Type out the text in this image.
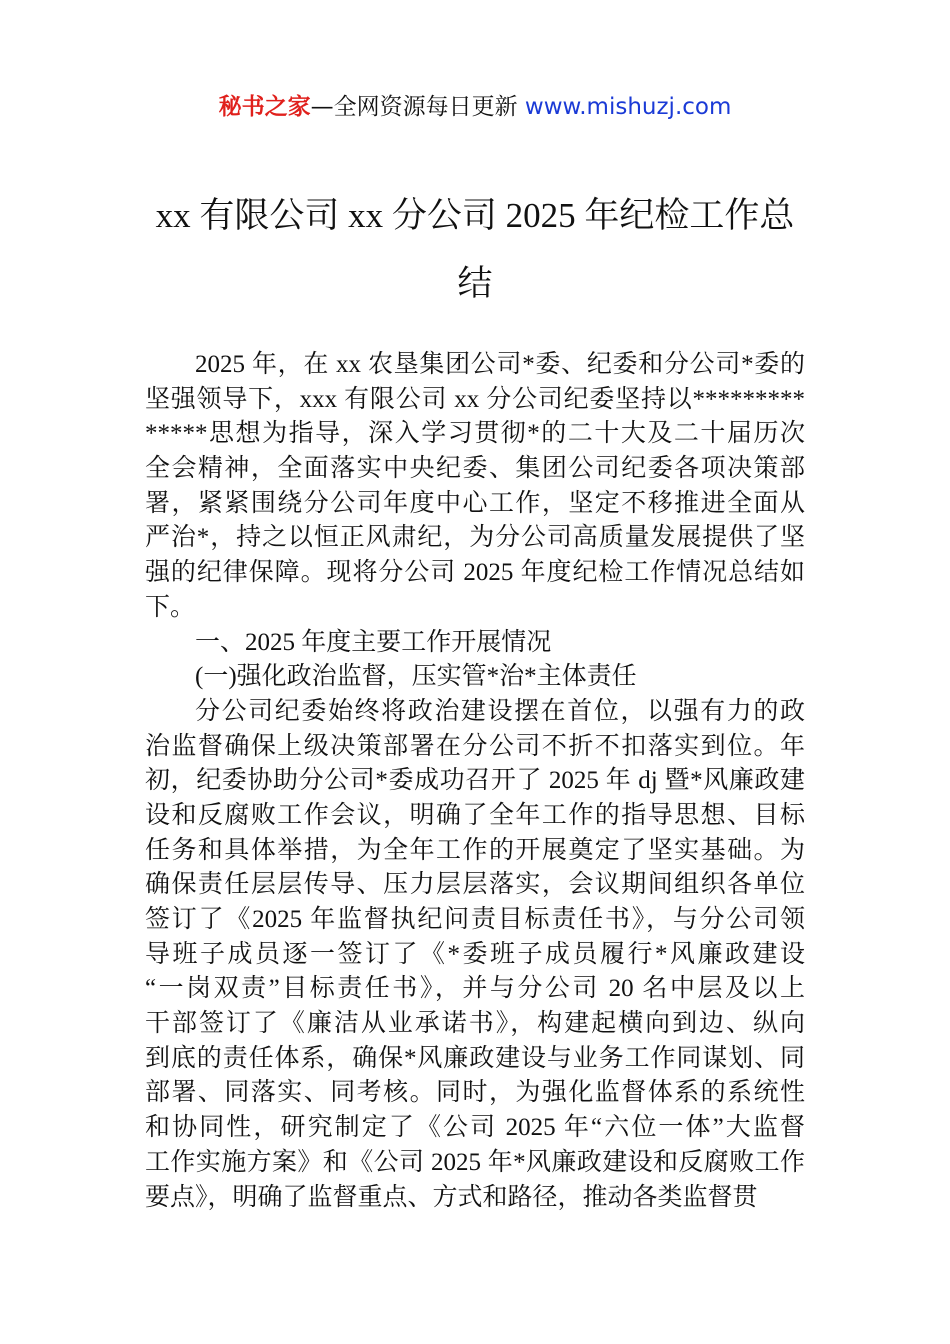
秘书之家—全网资源每日更新 www.mishuzj.com
xx 有限公司 xx 分公司 2025 年纪检工作总
结
2025 年，在 xx 农垦集团公司*委、纪委和分公司*委的
坚强领导下，xxx 有限公司 xx 分公司纪委坚持以*********
*****思想为指导，深入学习贯彻*的二十大及二十届历次
全会精神，全面落实中央纪委、集团公司纪委各项决策部
署，紧紧围绕分公司年度中心工作，坚定不移推进全面从
严治*，持之以恒正风肃纪，为分公司高质量发展提供了坚
强的纪律保障。现将分公司 2025 年度纪检工作情况总结如
下。
一、2025 年度主要工作开展情况
(一)强化政治监督，压实管*治*主体责任
分公司纪委始终将政治建设摆在首位，以强有力的政
治监督确保上级决策部署在分公司不折不扣落实到位。年
初，纪委协助分公司*委成功召开了 2025 年 dj 暨*风廉政建
设和反腐败工作会议，明确了全年工作的指导思想、目标
任务和具体举措，为全年工作的开展奠定了坚实基础。为
确保责任层层传导、压力层层落实，会议期间组织各单位
签订了《2025 年监督执纪问责目标责任书》，与分公司领
导班子成员逐一签订了《*委班子成员履行*风廉政建设
“一岗双责”目标责任书》，并与分公司 20 名中层及以上
干部签订了《廉洁从业承诺书》，构建起横向到边、纵向
到底的责任体系，确保*风廉政建设与业务工作同谋划、同
部署、同落实、同考核。同时，为强化监督体系的系统性
和协同性，研究制定了《公司 2025 年“六位一体”大监督
工作实施方案》和《公司 2025 年*风廉政建设和反腐败工作
要点》，明确了监督重点、方式和路径，推动各类监督贯
